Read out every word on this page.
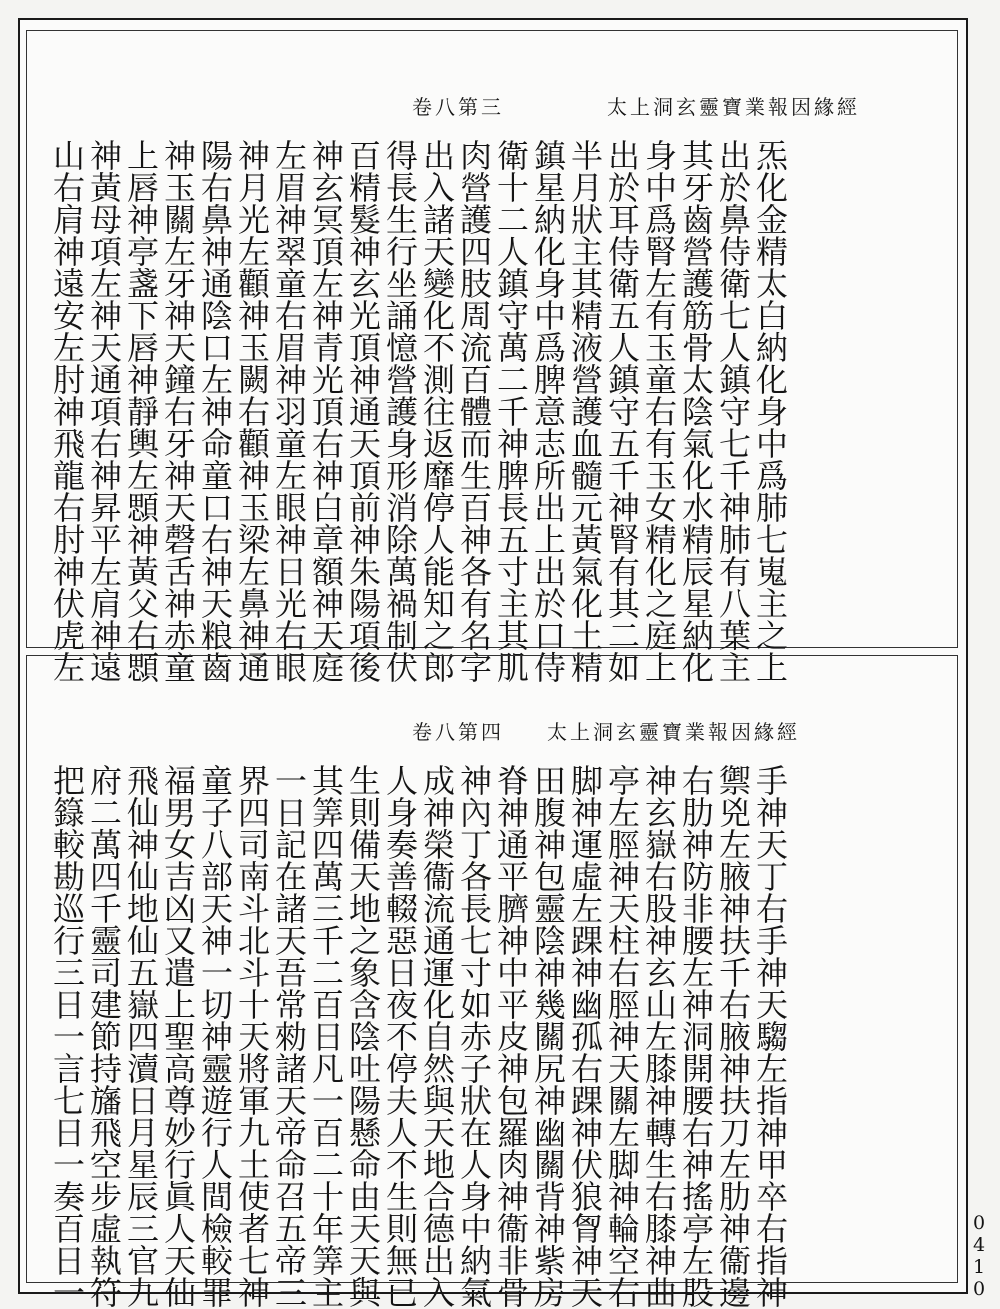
太上洞玄靈寶業報因緣經
卷八第三
炁化金精太白納化身中爲肺七嵬主之上
出於鼻侍衛七人鎮守七千神肺有八葉主
其牙齒營護筋骨太陰氣化水精辰星納化
身中爲腎左有玉童右有玉女精化之庭上
出於耳侍衛五人鎮守五千神腎有其二如
半月狀主其精液營護血髓元黃氣化土精
鎮星納化身中爲脾意志所出上出於口侍
衛十二人鎮守萬二千神脾長五寸主其肌
肉營護四肢周流百體而生百神各有名字
出入諸天變化不測往返靡停人能知之郎
得長生行坐誦憶營護身形消除萬禍制伏
百精髮神玄光頂神通天頂前神朱陽項後
神玄冥頂左神青光頂右神白章額神天庭
左眉神翠童右眉神羽童左眼神日光右眼
神月光左顴神玉闕右顴神玉梁左鼻神通
陽右鼻神通陰口左神命童口右神天粮齒
神玉關左牙神天鐘右牙神天磬舌神赤童
上唇神亭盞下唇神靜輿左顋神黃父右顋
神黃母項左神天通項右神昇平左肩神遠
山右肩神遠安左肘神飛龍右肘神伏虎左
太上洞玄靈寶業報因緣經
卷八第四
手神天丁右手神天騶左指神甲卒右指神
禦兇左腋神扶千右腋神扶刀左肋神衞邊
右肋神防非腰左神洞開腰右神搖亭左股
神玄嶽右股神玄山左膝神轉生右膝神曲
亭左脛神天柱右脛神天關左脚神輪空右
脚神運虛左踝神幽孤右踝神伏狼胷神天
田腹神包靈陰神幾關尻神幽關背神紫房
脊神通平臍神中平皮神包羅肉神衞非骨
神內丁各長七寸如赤子狀在人身中納氣
成神榮衞流通運化自然與天地合德出入
人身奏善輟惡日夜不停夫人不生則無已
生則備天地之象含陰吐陽懸命由天天與
其筭四萬三千二百日凡一百二十年筭主
一日記在諸天吾常勑諸天帝命召五帝三
界四司南斗北斗十天將軍九土使者七神
童子八部天神一切神靈遊行人間檢較罪
福男女吉凶又遣上聖高尊妙行眞人天仙
飛仙神仙地仙五嶽四瀆日月星辰三官九
府二萬四千靈司建節持旛飛空步虛執符
把籙較勘巡行三日一言七日一奏百日一	0410
